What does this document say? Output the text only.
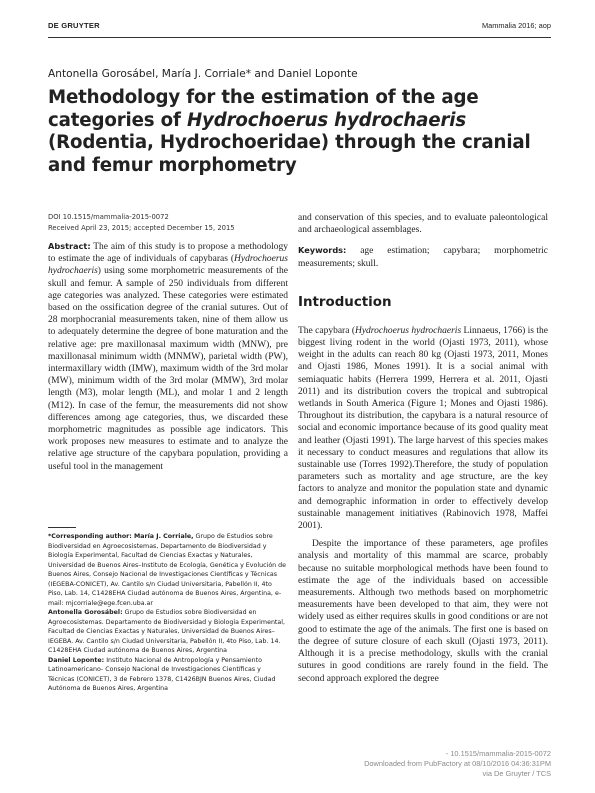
DE GRUYTER	Mammalia 2016; aop
Antonella Gorosábel, María J. Corriale* and Daniel Loponte
Methodology for the estimation of the age
categories of Hydrochoerus hydrochaeris
(Rodentia, Hydrochoeridae) through the cranial
and femur morphometry
DOI 10.1515/mammalia-2015-0072
Received April 23, 2015; accepted December 15, 2015
Abstract: The aim of this study is to propose a methodology to estimate the age of individuals of capybaras (Hydrochoerus hydrochaeris) using some morphometric measurements of the skull and femur. A sample of 250 individuals from different age categories was analyzed. These categories were estimated based on the ossification degree of the cranial sutures. Out of 28 morphocranial measurements taken, nine of them allow us to adequately determine the degree of bone maturation and the relative age: pre maxillonasal maximum width (MNW), pre maxillonasal minimum width (MNMW), parietal width (PW), intermaxillary width (IMW), maximum width of the 3rd molar (MW), minimum width of the 3rd molar (MMW), 3rd molar length (M3), molar length (ML), and molar 1 and 2 length (M12). In case of the femur, the measurements did not show differences among age categories, thus, we discarded these morphometric magnitudes as possible age indicators. This work proposes new measures to estimate and to analyze the relative age structure of the capybara population, providing a useful tool in the management

*Corresponding author: María J. Corriale, Grupo de Estudios sobre Biodiversidad en Agroecosistemas, Departamento de Biodiversidad y Biología Experimental, Facultad de Ciencias Exactas y Naturales, Universidad de Buenos Aires–Instituto de Ecología, Genética y Evolución de Buenos Aires, Consejo Nacional de Investigaciones Científicas y Técnicas (IEGEBA-CONICET), Av. Cantilo s/n Ciudad Universitaria, Pabellón II, 4to Piso, Lab. 14, C1428EHA Ciudad autónoma de Buenos Aires, Argentina, e-mail: mjcorriale@ege.fcen.uba.ar

Antonella Gorosábel: Grupo de Estudios sobre Biodiversidad en Agroecosistemas. Departamento de Biodiversidad y Biología Experimental, Facultad de Ciencias Exactas y Naturales, Universidad de Buenos Aires–IEGEBA. Av. Cantilo s/n Ciudad Universitaria, Pabellón II, 4to Piso, Lab. 14. C1428EHA Ciudad autónoma de Buenos Aires, Argentina

Daniel Loponte: Instituto Nacional de Antropología y Pensamiento Latinoamericano- Consejo Nacional de Investigaciones Científicas y Técnicas (CONICET), 3 de Febrero 1378, C1426BJN Buenos Aires, Ciudad Autónoma de Buenos Aires, Argentina

and conservation of this species, and to evaluate paleontological and archaeological assemblages.

Keywords: age estimation; capybara; morphometric measurements; skull.
Introduction

The capybara (Hydrochoerus hydrochaeris Linnaeus, 1766) is the biggest living rodent in the world (Ojasti 1973, 2011), whose weight in the adults can reach 80 kg (Ojasti 1973, 2011, Mones and Ojasti 1986, Mones 1991). It is a social animal with semiaquatic habits (Herrera 1999, Herrera et al. 2011, Ojasti 2011) and its distribution covers the tropical and subtropical wetlands in South America (Figure 1; Mones and Ojasti 1986). Throughout its distribution, the capybara is a natural resource of social and economic importance because of its good quality meat and leather (Ojasti 1991). The large harvest of this species makes it necessary to conduct measures and regulations that allow its sustainable use (Torres 1992).Therefore, the study of population parameters such as mortality and age structure, are the key factors to analyze and monitor the population state and dynamic and demographic information in order to effectively develop sustainable management initiatives (Rabinovich 1978, Maffei 2001).

Despite the importance of these parameters, age profiles analysis and mortality of this mammal are scarce, probably because no suitable morphological methods have been found to estimate the age of the individuals based on accessible measurements. Although two methods based on morphometric measurements have been developed to that aim, they were not widely used as either requires skulls in good conditions or are not good to estimate the age of the animals. The first one is based on the degree of suture closure of each skull (Ojasti 1973, 2011). Although it is a precise methodology, skulls with the cranial sutures in good conditions are rarely found in the field. The second approach explored the degree

- 10.1515/mammalia-2015-0072
Downloaded from PubFactory at 08/10/2016 04:36:31PM
via De Gruyter / TCS
